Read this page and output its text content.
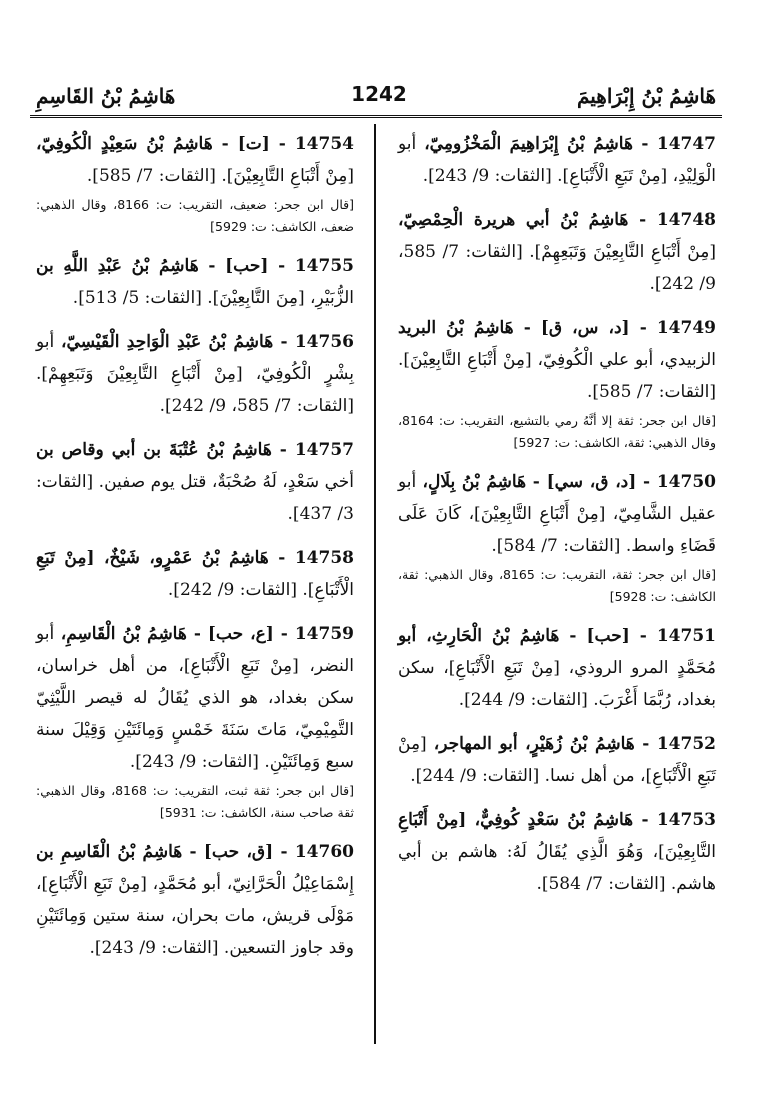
هَاشِمُ بْنُ إِبْرَاهِيمَ
1242
هَاشِمُ بْنُ القَاسِمِ

14747 - هَاشِمُ بْنُ إِبْرَاهِيمَ الْمَخْزُومِيّ، أبو الْوَلِيْدِ، [مِنْ تَبَعِ الْأَتْبَاعِ]. [الثقات: 9/ 243].

14748 - هَاشِمُ بْنُ أبي هريرة الْحِمْصِيّ، [مِنْ أَتْبَاعِ التَّابِعِيْنَ وَتَبَعِهِمْ]. [الثقات: 7/ 585، 9/ 242].

14749 - [د، س، ق] - هَاشِمُ بْنُ البريد الزبيدي، أبو علي الْكُوفِيّ، [مِنْ أَتْبَاعِ التَّابِعِيْنَ]. [الثقات: 7/ 585].

[قال ابن جحر: ثقة إلا أنَّهُ رمي بالتشيع، التقريب: ت: 8164، وقال الذهبي: ثقة، الكاشف: ت: 5927]

14750 - [د، ق، سي] - هَاشِمُ بْنُ بِلَالٍ، أبو عقيل الشَّامِيّ، [مِنْ أَتْبَاعِ التَّابِعِيْنَ]، كَانَ عَلَى قَضَاءِ واسط. [الثقات: 7/ 584].

[قال ابن جحر: ثقة، التقريب: ت: 8165، وقال الذهبي: ثقة، الكاشف: ت: 5928]

14751 - [حب] - هَاشِمُ بْنُ الْحَارِثِ، أبو مُحَمَّدٍ المرو الروذي، [مِنْ تَبَعِ الْأَتْبَاعِ]، سكن بغداد، رُبَّمَا أَغْرَبَ. [الثقات: 9/ 244].

14752 - هَاشِمُ بْنُ زُهَيْرٍ، أبو المهاجر، [مِنْ تَبَعِ الْأَتْبَاعِ]، من أهل نسا. [الثقات: 9/ 244].

14753 - هَاشِمُ بْنُ سَعْدٍ كُوفِيٌّ، [مِنْ أَتْبَاعِ التَّابِعِيْنَ]، وَهُوَ الَّذِي يُقَالُ لَهُ: هاشم بن أبي هاشم. [الثقات: 7/ 584].

14754 - [ت] - هَاشِمُ بْنُ سَعِيْدٍ الْكُوفِيّ، [مِنْ أَتْبَاعِ التَّابِعِيْنَ]. [الثقات: 7/ 585].

[قال ابن جحر: ضعيف، التقريب: ت: 8166، وقال الذهبي: ضعف، الكاشف: ت: 5929]

14755 - [حب] - هَاشِمُ بْنُ عَبْدِ اللَّهِ بن الزُّبَيْرِ، [مِنَ التَّابِعِيْنَ]. [الثقات: 5/ 513].

14756 - هَاشِمُ بْنُ عَبْدِ الْوَاحِدِ الْقَيْسِيّ، أبو بِشْرٍ الْكُوفِيّ، [مِنْ أَتْبَاعِ التَّابِعِيْنَ وَتَبَعِهِمْ]. [الثقات: 7/ 585، 9/ 242].

14757 - هَاشِمُ بْنُ عُتْبَةَ بن أبي وقاص بن أخي سَعْدٍ، لَهُ صُحْبَةٌ، قتل يوم صفين. [الثقات: 3/ 437].

14758 - هَاشِمُ بْنُ عَمْرٍو، شَيْخٌ، [مِنْ تَبَعِ الْأَتْبَاعِ]. [الثقات: 9/ 242].

14759 - [ع، حب] - هَاشِمُ بْنُ الْقَاسِمِ، أبو النضر، [مِنْ تَبَعِ الْأَتْبَاعِ]، من أهل خراسان، سكن بغداد، هو الذي يُقَالُ له قيصر اللَّيْثِيّ التَّمِيْمِيّ، مَاتَ سَنَةَ خَمْسٍ وَمِائَتَيْنِ وَقِيْلَ سنة سبع وَمِائَتَيْنِ. [الثقات: 9/ 243].

[قال ابن جحر: ثقة ثبت، التقريب: ت: 8168، وقال الذهبي: ثقة صاحب سنة، الكاشف: ت: 5931]

14760 - [ق، حب] - هَاشِمُ بْنُ الْقَاسِمِ بن إِسْمَاعِيْلُ الْحَرَّانِيّ، أبو مُحَمَّدٍ، [مِنْ تَبَعِ الْأَتْبَاعِ]، مَوْلَى قريش، مات بحران، سنة ستين وَمِائَتَيْنِ وقد جاوز التسعين. [الثقات: 9/ 243].
